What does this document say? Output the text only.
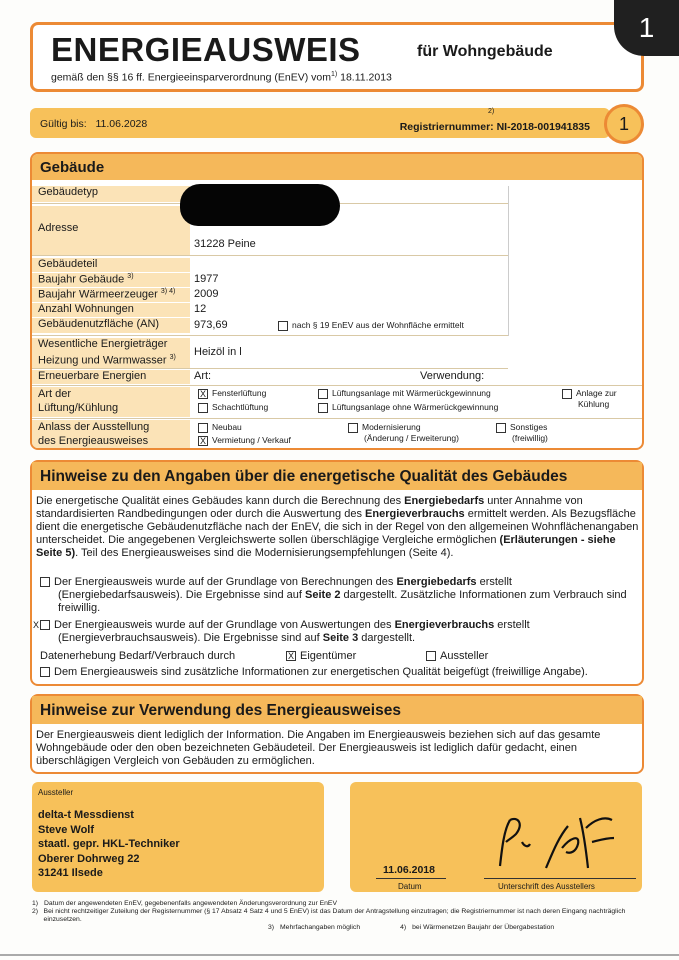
ENERGIEAUSWEIS	für Wohngebäude
gemäß den §§ 16 ff. Energieeinsparverordnung (EnEV) vom$^{1)}$ 18.11.2013
1
Gültig bis: 11.06.2028
2)
Registriernummer: NI-2018-001941835	1
Gebäude
Gebäudetyp
Adresse
31228 Peine
Gebäudeteil
Baujahr Gebäude $^{3)}$	1977
Baujahr Wärmeerzeuger $^{3) 4)}$	2009
Anzahl Wohnungen	12
Gebäudenutzfläche (AN)	973,69	nach § 19 EnEV aus der Wohnfläche ermittelt
Wesentliche Energieträger
Heizung und Warmwasser $^{3)}$	Heizöl in l
Erneuerbare Energien	Art:	Verwendung:
Art der
Lüftung/Kühlung
X Fensterlüftung
Schachtlüftung
Lüftungsanlage mit Wärmerückgewinnung
Lüftungsanlage ohne Wärmerückgewinnung
Anlage zur
Kühlung
Anlass der Ausstellung
des Energieausweises
Neubau
X Vermietung / Verkauf
Modernisierung
(Änderung / Erweiterung)
Sonstiges
(freiwillig)
Hinweise zu den Angaben über die energetische Qualität des Gebäudes
Die energetische Qualität eines Gebäudes kann durch die Berechnung des Energiebedarfs unter Annahme von standardisierten Randbedingungen oder durch die Auswertung des Energieverbrauchs ermittelt werden. Als Bezugsfläche dient die energetische Gebäudenutzfläche nach der EnEV, die sich in der Regel von den allgemeinen Wohnflächenangaben unterscheidet. Die angegebenen Vergleichswerte sollen überschlägige Vergleiche ermöglichen (Erläuterungen - siehe Seite 5). Teil des Energieausweises sind die Modernisierungsempfehlungen (Seite 4).
Der Energieausweis wurde auf der Grundlage von Berechnungen des Energiebedarfs erstellt (Energiebedarfsausweis). Die Ergebnisse sind auf Seite 2 dargestellt. Zusätzliche Informationen zum Verbrauch sind freiwillig.
X Der Energieausweis wurde auf der Grundlage von Auswertungen des Energieverbrauchs erstellt (Energieverbrauchsausweis). Die Ergebnisse sind auf Seite 3 dargestellt.
Datenerhebung Bedarf/Verbrauch durch	X Eigentümer	Aussteller
Dem Energieausweis sind zusätzliche Informationen zur energetischen Qualität beigefügt (freiwillige Angabe).
Hinweise zur Verwendung des Energieausweises
Der Energieausweis dient lediglich der Information. Die Angaben im Energieausweis beziehen sich auf das gesamte Wohngebäude oder den oben bezeichneten Gebäudeteil. Der Energieausweis ist lediglich dafür gedacht, einen überschlägigen Vergleich von Gebäuden zu ermöglichen.
Aussteller
delta-t Messdienst
Steve Wolf
staatl. gepr. HKL-Techniker
Oberer Dohrweg 22
31241 Ilsede	11.06.2018
Datum	Unterschrift des Ausstellers
1) Datum der angewendeten EnEV, gegebenenfalls angewendeten Änderungsverordnung zur EnEV
2) Bei nicht rechtzeitiger Zuteilung der Registernummer (§ 17 Absatz 4 Satz 4 und 5 EnEV) ist das Datum der Antragstellung einzutragen; die Registriernummer ist nach deren Eingang nachträglich einzusetzen.
3) Mehrfachangaben möglich	4) bei Wärmenetzen Baujahr der Übergabestation
